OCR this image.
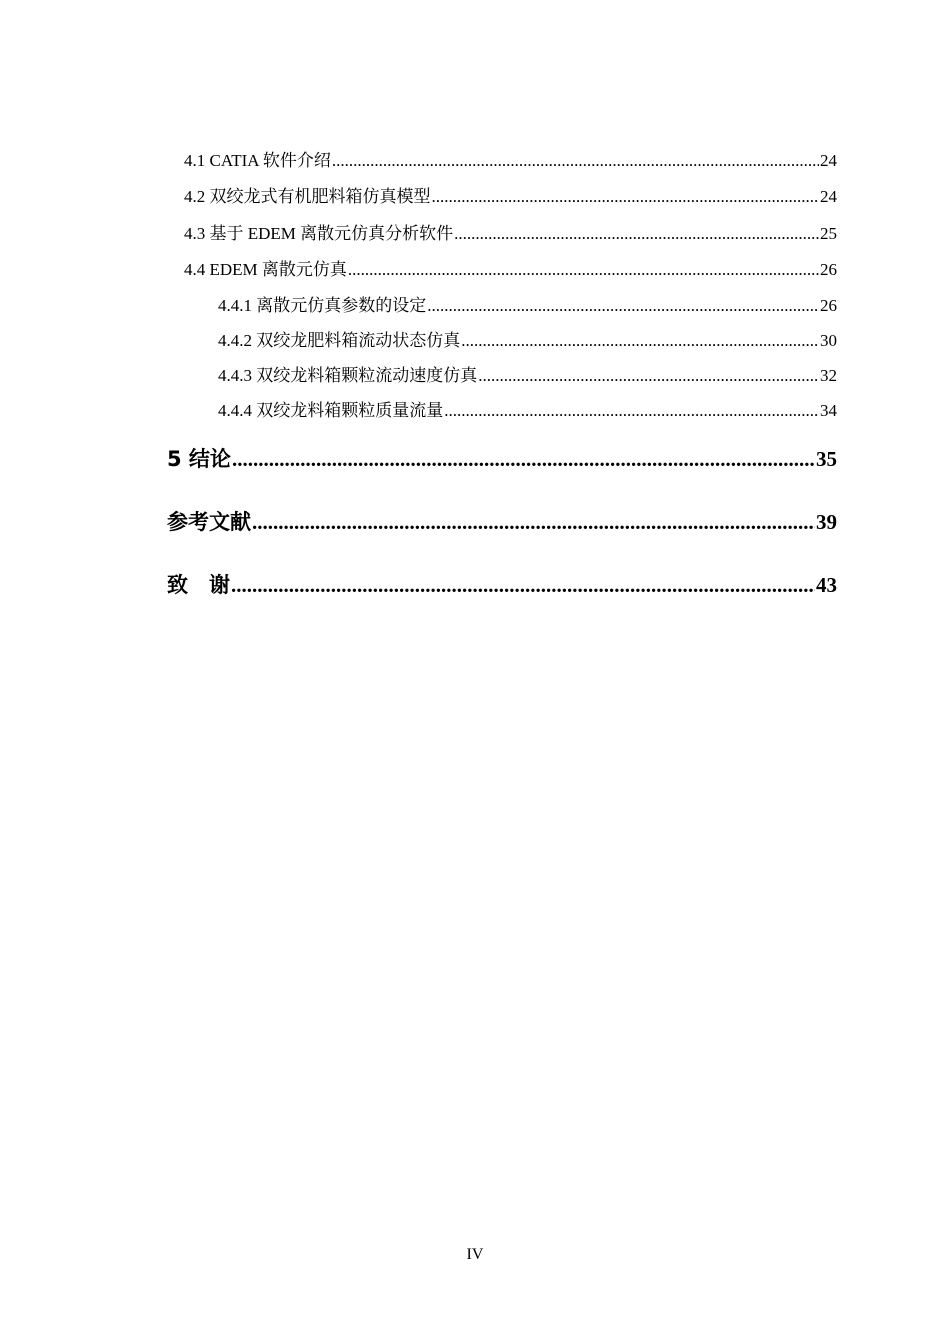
4.1 CATIA 软件介绍 .....	24
4.2 双绞龙式有机肥料箱仿真模型 .....	24
4.3 基于 EDEM 离散元仿真分析软件 .....	25
4.4 EDEM 离散元仿真 .....	26
4.4.1 离散元仿真参数的设定 .....	26
4.4.2 双绞龙肥料箱流动状态仿真 .....	30
4.4.3 双绞龙料箱颗粒流动速度仿真 .....	32
4.4.4 双绞龙料箱颗粒质量流量 .....	34
5 结论 .....	35
参考文献 .....	39
致　谢 .....	43
IV
